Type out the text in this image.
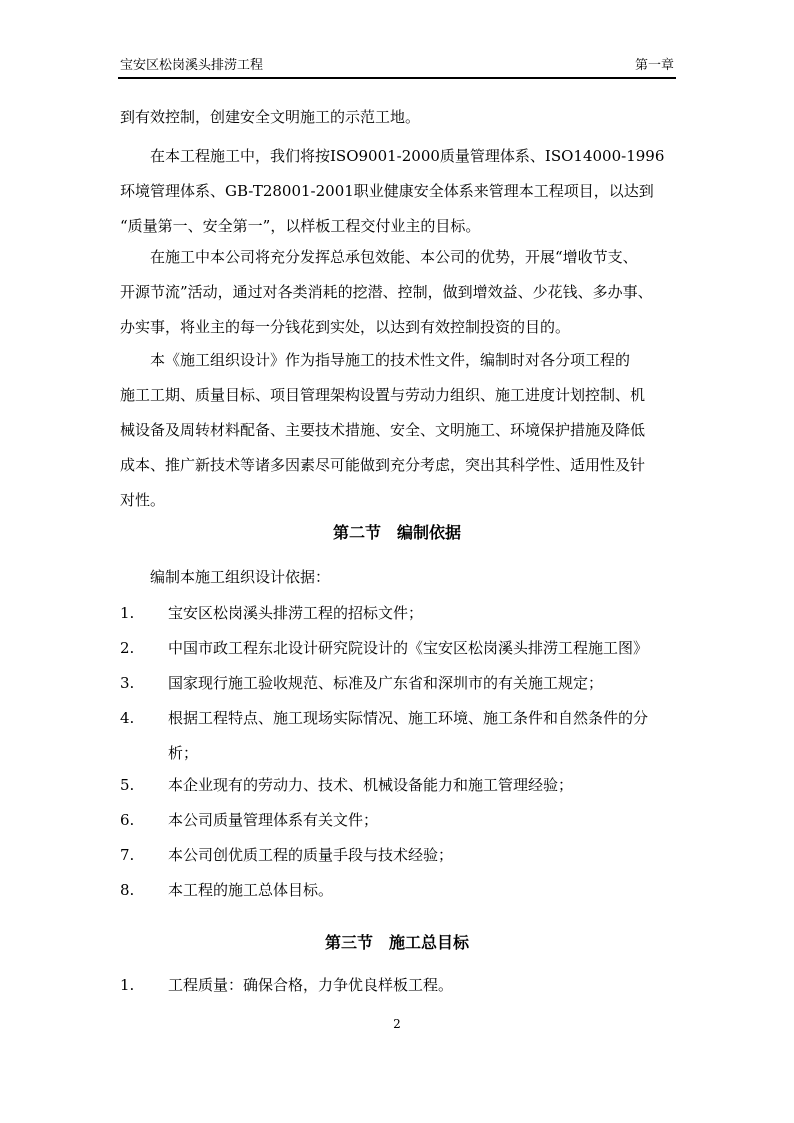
宝安区松岗溪头排涝工程	第一章
到有效控制，创建安全文明施工的示范工地。
　　在本工程施工中，我们将按ISO9001-2000质量管理体系、ISO14000-1996
环境管理体系、GB-T28001-2001职业健康安全体系来管理本工程项目，以达到
“质量第一、安全第一”，以样板工程交付业主的目标。
　　在施工中本公司将充分发挥总承包效能、本公司的优势，开展“增收节支、
开源节流”活动，通过对各类消耗的挖潜、控制，做到增效益、少花钱、多办事、
办实事，将业主的每一分钱花到实处，以达到有效控制投资的目的。
　　本《施工组织设计》作为指导施工的技术性文件，编制时对各分项工程的
施工工期、质量目标、项目管理架构设置与劳动力组织、施工进度计划控制、机
械设备及周转材料配备、主要技术措施、安全、文明施工、环境保护措施及降低
成本、推广新技术等诸多因素尽可能做到充分考虑，突出其科学性、适用性及针
对性。
第二节　编制依据
　　编制本施工组织设计依据：
1. 宝安区松岗溪头排涝工程的招标文件；
2. 中国市政工程东北设计研究院设计的《宝安区松岗溪头排涝工程施工图》
3. 国家现行施工验收规范、标准及广东省和深圳市的有关施工规定；
4. 根据工程特点、施工现场实际情况、施工环境、施工条件和自然条件的分
析；
5. 本企业现有的劳动力、技术、机械设备能力和施工管理经验；
6. 本公司质量管理体系有关文件；
7. 本公司创优质工程的质量手段与技术经验；
8. 本工程的施工总体目标。
第三节　施工总目标
1. 工程质量：确保合格，力争优良样板工程。
2
